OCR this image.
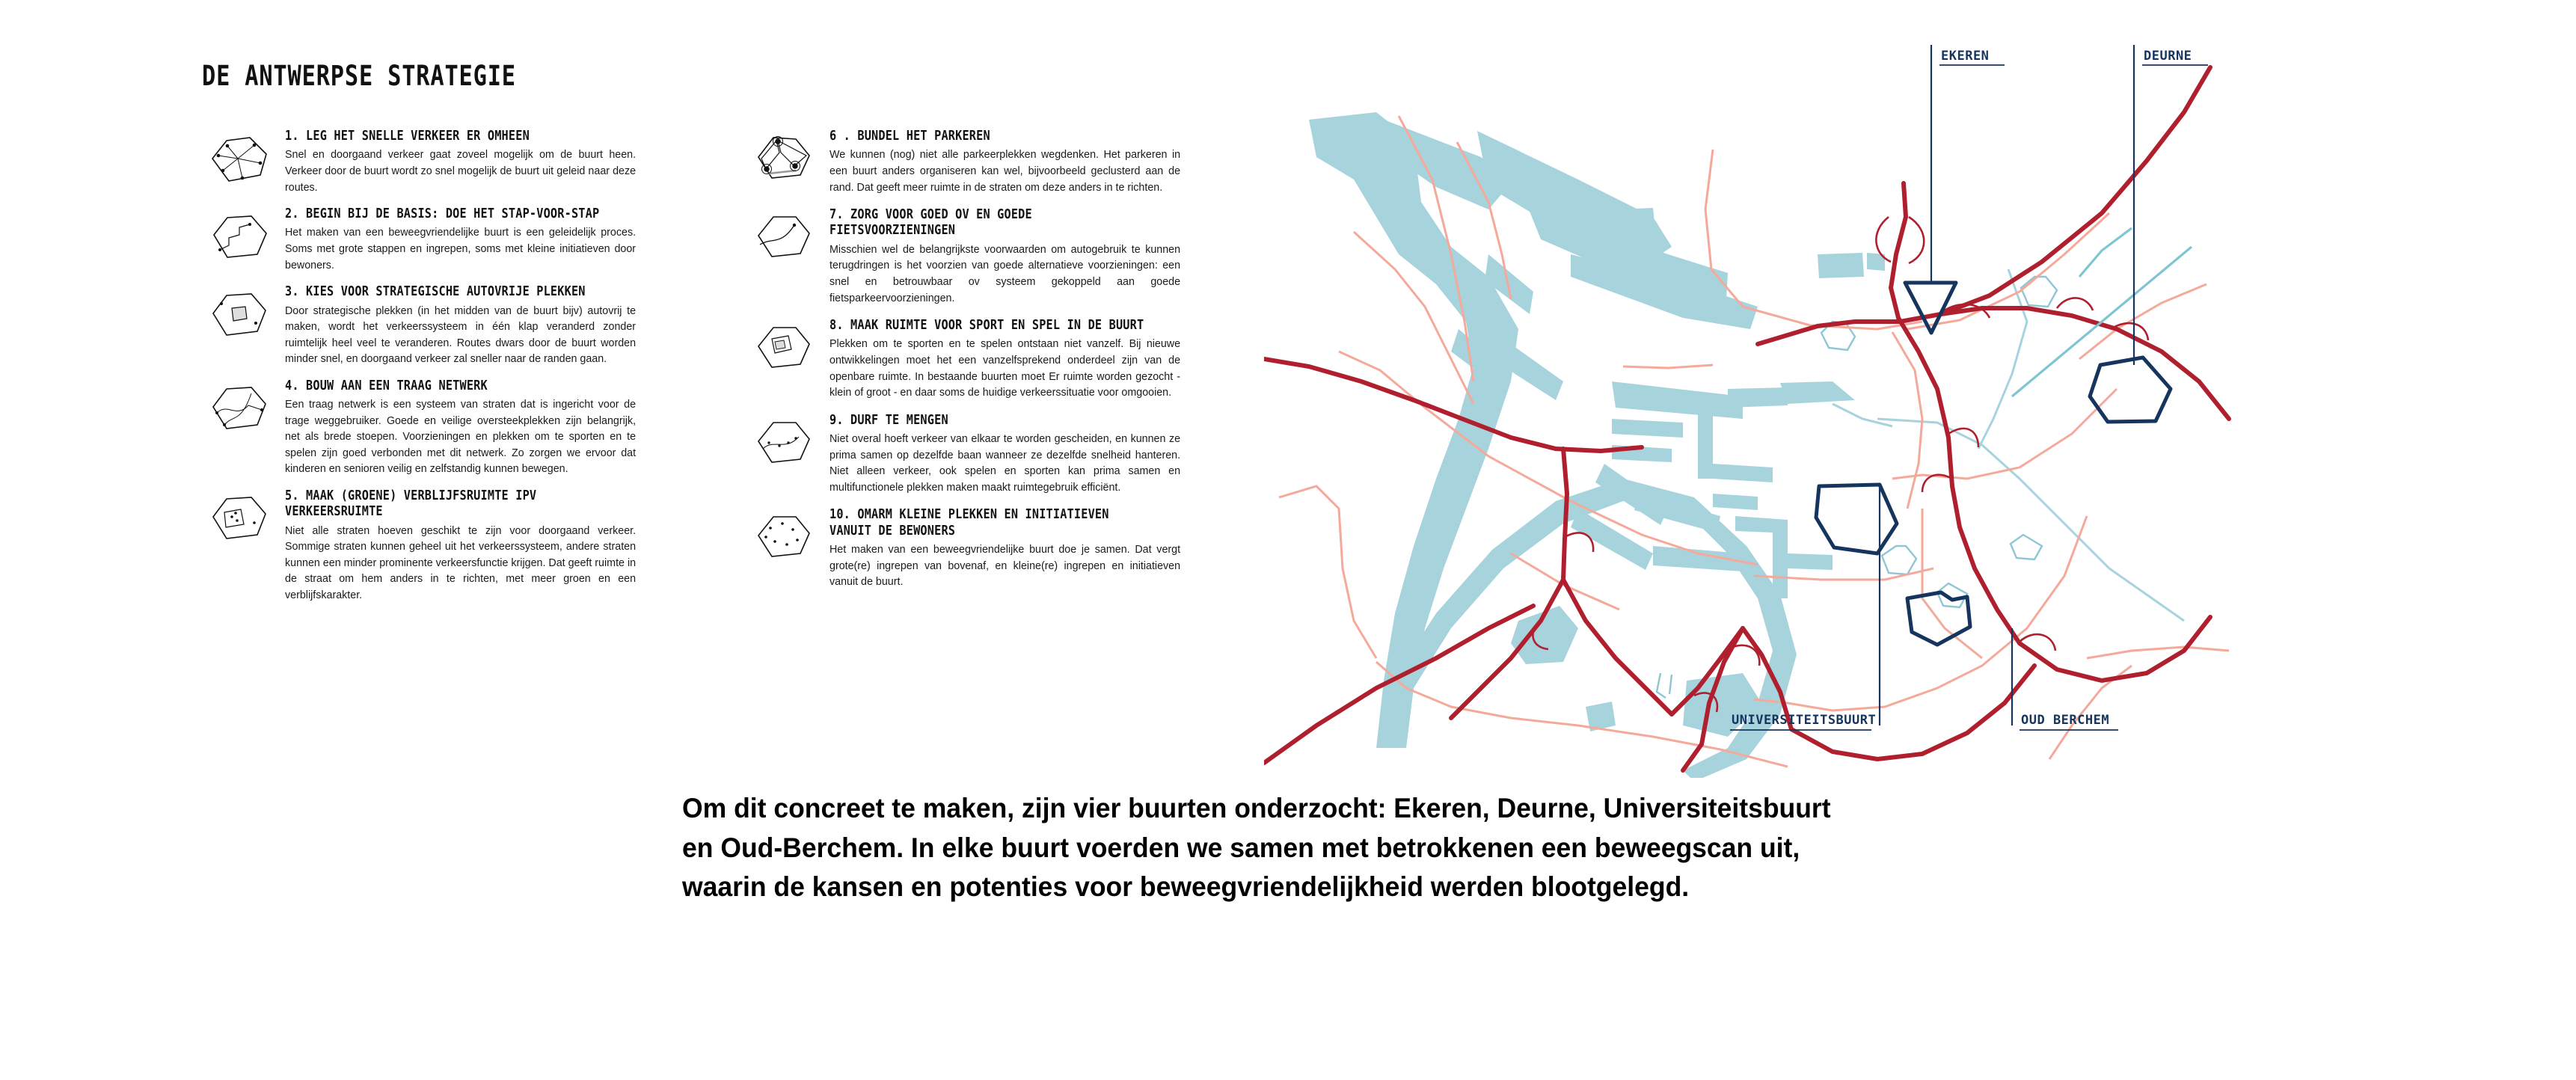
DE ANTWERPSE STRATEGIE
1. LEG HET SNELLE VERKEER ER OMHEEN
Snel en doorgaand verkeer gaat zoveel mogelijk om de buurt heen. Verkeer door de buurt wordt zo snel mogelijk de buurt uit geleid naar deze routes.
2. BEGIN BIJ DE BASIS: DOE HET STAP-VOOR-STAP
Het maken van een beweegvriendelijke buurt is een geleidelijk proces. Soms met grote stappen en ingrepen, soms met kleine initiatieven door bewoners.
3. KIES VOOR STRATEGISCHE AUTOVRIJE PLEKKEN
Door strategische plekken (in het midden van de buurt bijv) autovrij te maken, wordt het verkeerssysteem in één klap veranderd zonder ruimtelijk heel veel te veranderen. Routes dwars door de buurt worden minder snel, en doorgaand verkeer zal sneller naar de randen gaan.
4. BOUW AAN EEN TRAAG NETWERK
Een traag netwerk is een systeem van straten dat is ingericht voor de trage weggebruiker. Goede en veilige oversteekplekken zijn belangrijk, net als brede stoepen. Voorzieningen en plekken om te sporten en te spelen zijn goed verbonden met dit netwerk. Zo zorgen we ervoor dat kinderen en senioren veilig en zelfstandig kunnen bewegen.
5. MAAK (GROENE) VERBLIJFSRUIMTE IPV VERKEERSRUIMTE
Niet alle straten hoeven geschikt te zijn voor doorgaand verkeer. Sommige straten kunnen geheel uit het verkeerssysteem, andere straten kunnen een minder prominente verkeersfunctie krijgen. Dat geeft ruimte in de straat om hem anders in te richten, met meer groen en een verblijfskarakter.
6 . BUNDEL HET PARKEREN
We kunnen (nog) niet alle parkeerplekken wegdenken. Het parkeren in een buurt anders organiseren kan wel, bijvoorbeeld geclusterd aan de rand. Dat geeft meer ruimte in de straten om deze anders in te richten.
7. ZORG VOOR GOED OV EN GOEDE FIETSVOORZIENINGEN
Misschien wel de belangrijkste voorwaarden om autogebruik te kunnen terugdringen is het voorzien van goede alternatieve voorzieningen: een snel en betrouwbaar ov systeem gekoppeld aan goede fietsparkeervoorzieningen.
8. MAAK RUIMTE VOOR SPORT EN SPEL IN DE BUURT
Plekken om te sporten en te spelen ontstaan niet vanzelf. Bij nieuwe ontwikkelingen moet het een vanzelfsprekend onderdeel zijn van de openbare ruimte. In bestaande buurten moet Er ruimte worden gezocht - klein of groot - en daar soms de huidige verkeerssituatie voor omgooien.
9. DURF TE MENGEN
Niet overal hoeft verkeer van elkaar te worden gescheiden, en kunnen ze prima samen op dezelfde baan wanneer ze dezelfde snelheid hanteren. Niet alleen verkeer, ook spelen en sporten kan prima samen en multifunctionele plekken maken maakt ruimtegebruik efficiënt.
10. OMARM KLEINE PLEKKEN EN INITIATIEVEN VANUIT DE BEWONERS
Het maken van een beweegvriendelijke buurt doe je samen. Dat vergt grote(re) ingrepen van bovenaf, en kleine(re) ingrepen en initiatieven vanuit de buurt.
EKEREN	DEURNE
UNIVERSITEITSBUURT	OUD BERCHEM
Om dit concreet te maken, zijn vier buurten onderzocht: Ekeren, Deurne, Universiteitsbuurt en Oud-Berchem. In elke buurt voerden we samen met betrokkenen een beweegscan uit, waarin de kansen en potenties voor beweegvriendelijkheid werden blootgelegd.
